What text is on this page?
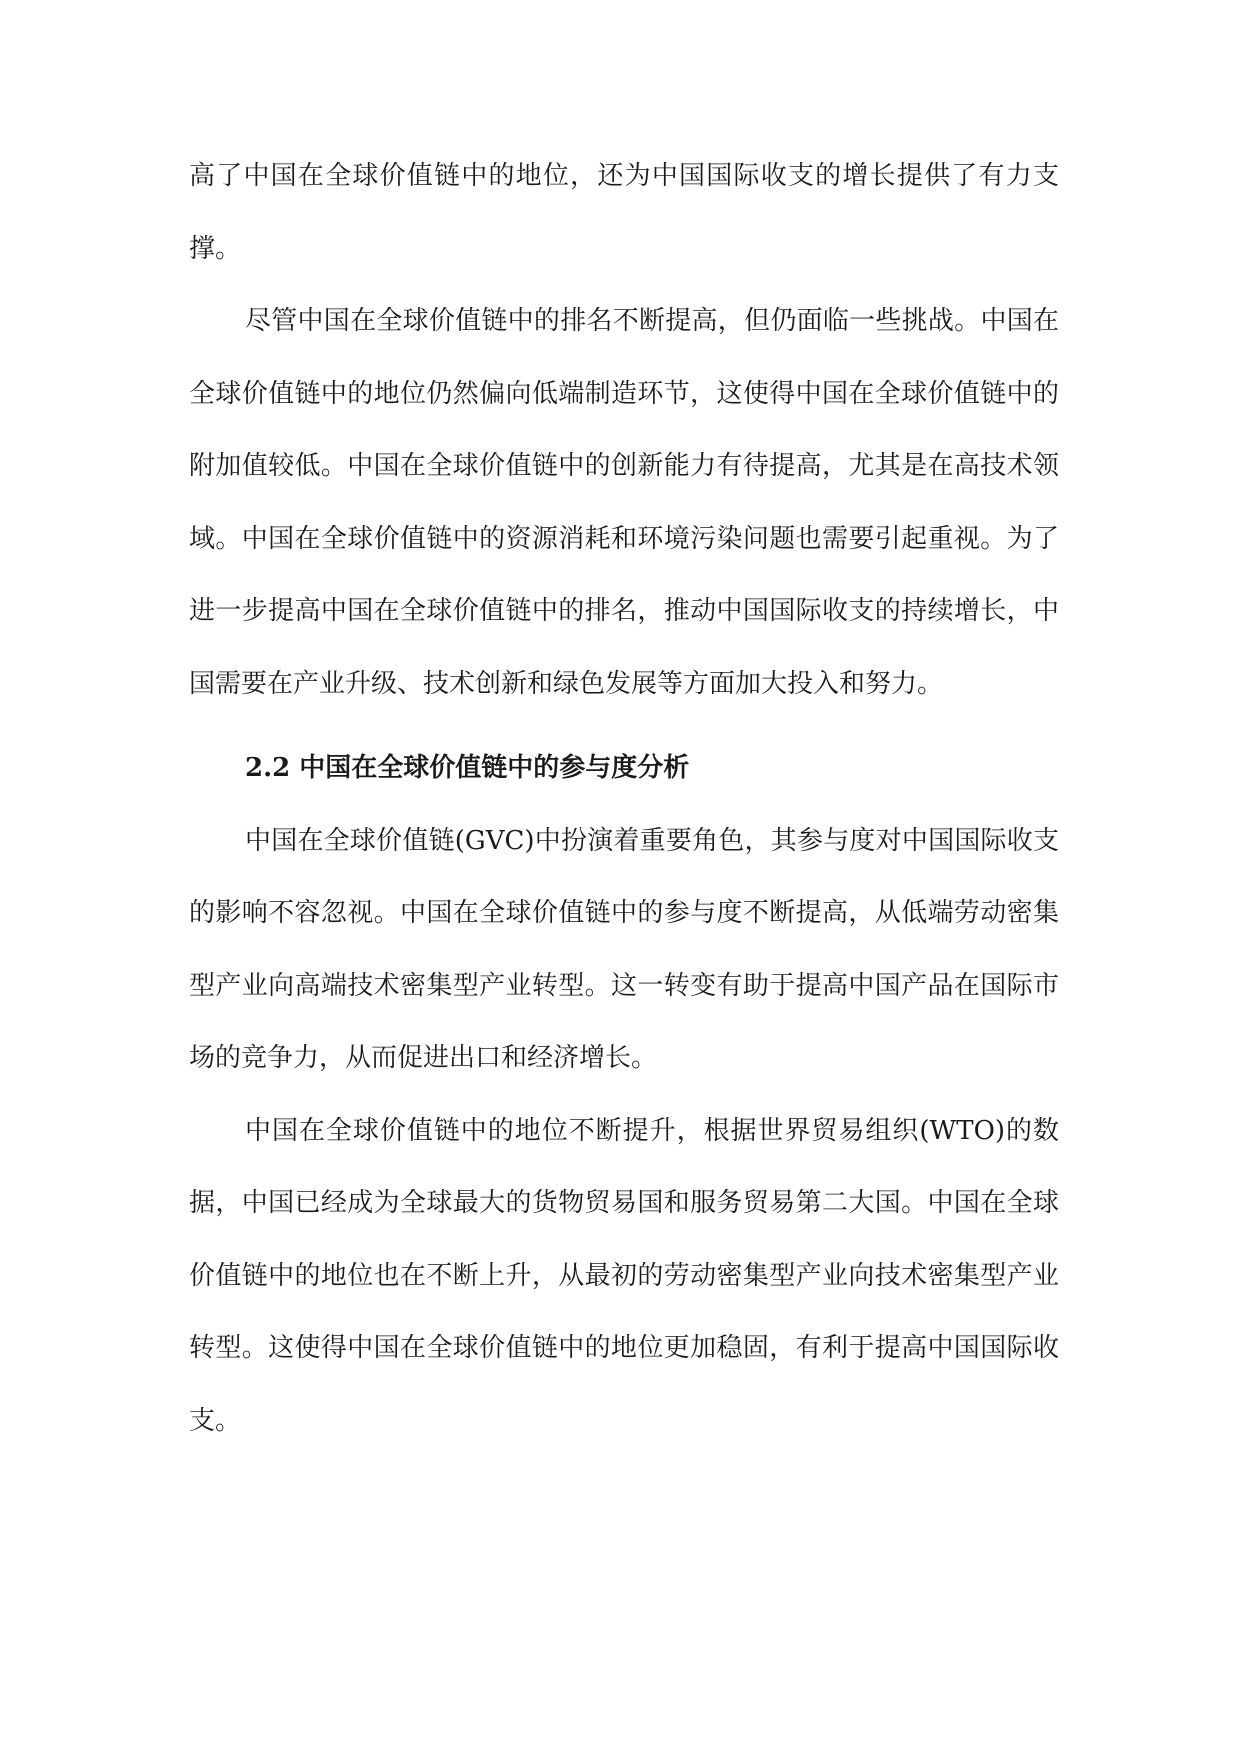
高了中国在全球价值链中的地位，还为中国国际收支的增长提供了有力支撑。

尽管中国在全球价值链中的排名不断提高，但仍面临一些挑战。中国在全球价值链中的地位仍然偏向低端制造环节，这使得中国在全球价值链中的附加值较低。中国在全球价值链中的创新能力有待提高，尤其是在高技术领域。中国在全球价值链中的资源消耗和环境污染问题也需要引起重视。为了进一步提高中国在全球价值链中的排名，推动中国国际收支的持续增长，中国需要在产业升级、技术创新和绿色发展等方面加大投入和努力。

2.2 中国在全球价值链中的参与度分析

中国在全球价值链(GVC)中扮演着重要角色，其参与度对中国国际收支的影响不容忽视。中国在全球价值链中的参与度不断提高，从低端劳动密集型产业向高端技术密集型产业转型。这一转变有助于提高中国产品在国际市场的竞争力，从而促进出口和经济增长。

中国在全球价值链中的地位不断提升，根据世界贸易组织(WTO)的数据，中国已经成为全球最大的货物贸易国和服务贸易第二大国。中国在全球价值链中的地位也在不断上升，从最初的劳动密集型产业向技术密集型产业转型。这使得中国在全球价值链中的地位更加稳固，有利于提高中国国际收支。
